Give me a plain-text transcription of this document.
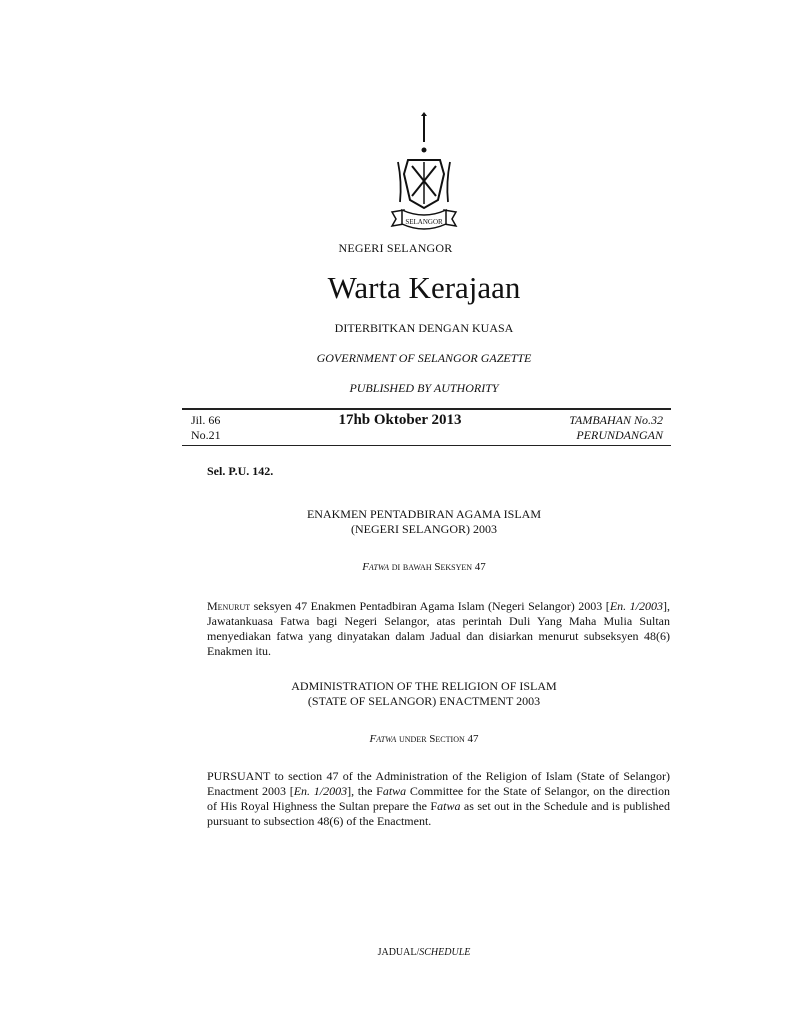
SELANGOR
NEGERI SELANGOR
Warta Kerajaan
DITERBITKAN DENGAN KUASA
GOVERNMENT OF SELANGOR GAZETTE
PUBLISHED BY AUTHORITY
Jil. 66
No.21
17hb Oktober 2013	TAMBAHAN No.32
PERUNDANGAN
Sel. P.U. 142.
ENAKMEN PENTADBIRAN AGAMA ISLAM
(NEGERI SELANGOR) 2003
Fatwa di bawah Seksyen 47
Menurut seksyen 47 Enakmen Pentadbiran Agama Islam (Negeri Selangor) 2003 [En. 1/2003], Jawatankuasa Fatwa bagi Negeri Selangor, atas perintah Duli Yang Maha Mulia Sultan menyediakan fatwa yang dinyatakan dalam Jadual dan disiarkan menurut subseksyen 48(6) Enakmen itu.
ADMINISTRATION OF THE RELIGION OF ISLAM
(STATE OF SELANGOR) ENACTMENT 2003
Fatwa under Section 47
PURSUANT to section 47 of the Administration of the Religion of Islam (State of Selangor) Enactment 2003 [En. 1/2003], the Fatwa Committee for the State of Selangor, on the direction of His Royal Highness the Sultan prepare the Fatwa as set out in the Schedule and is published pursuant to subsection 48(6) of the Enactment.
JADUAL/SCHEDULE
